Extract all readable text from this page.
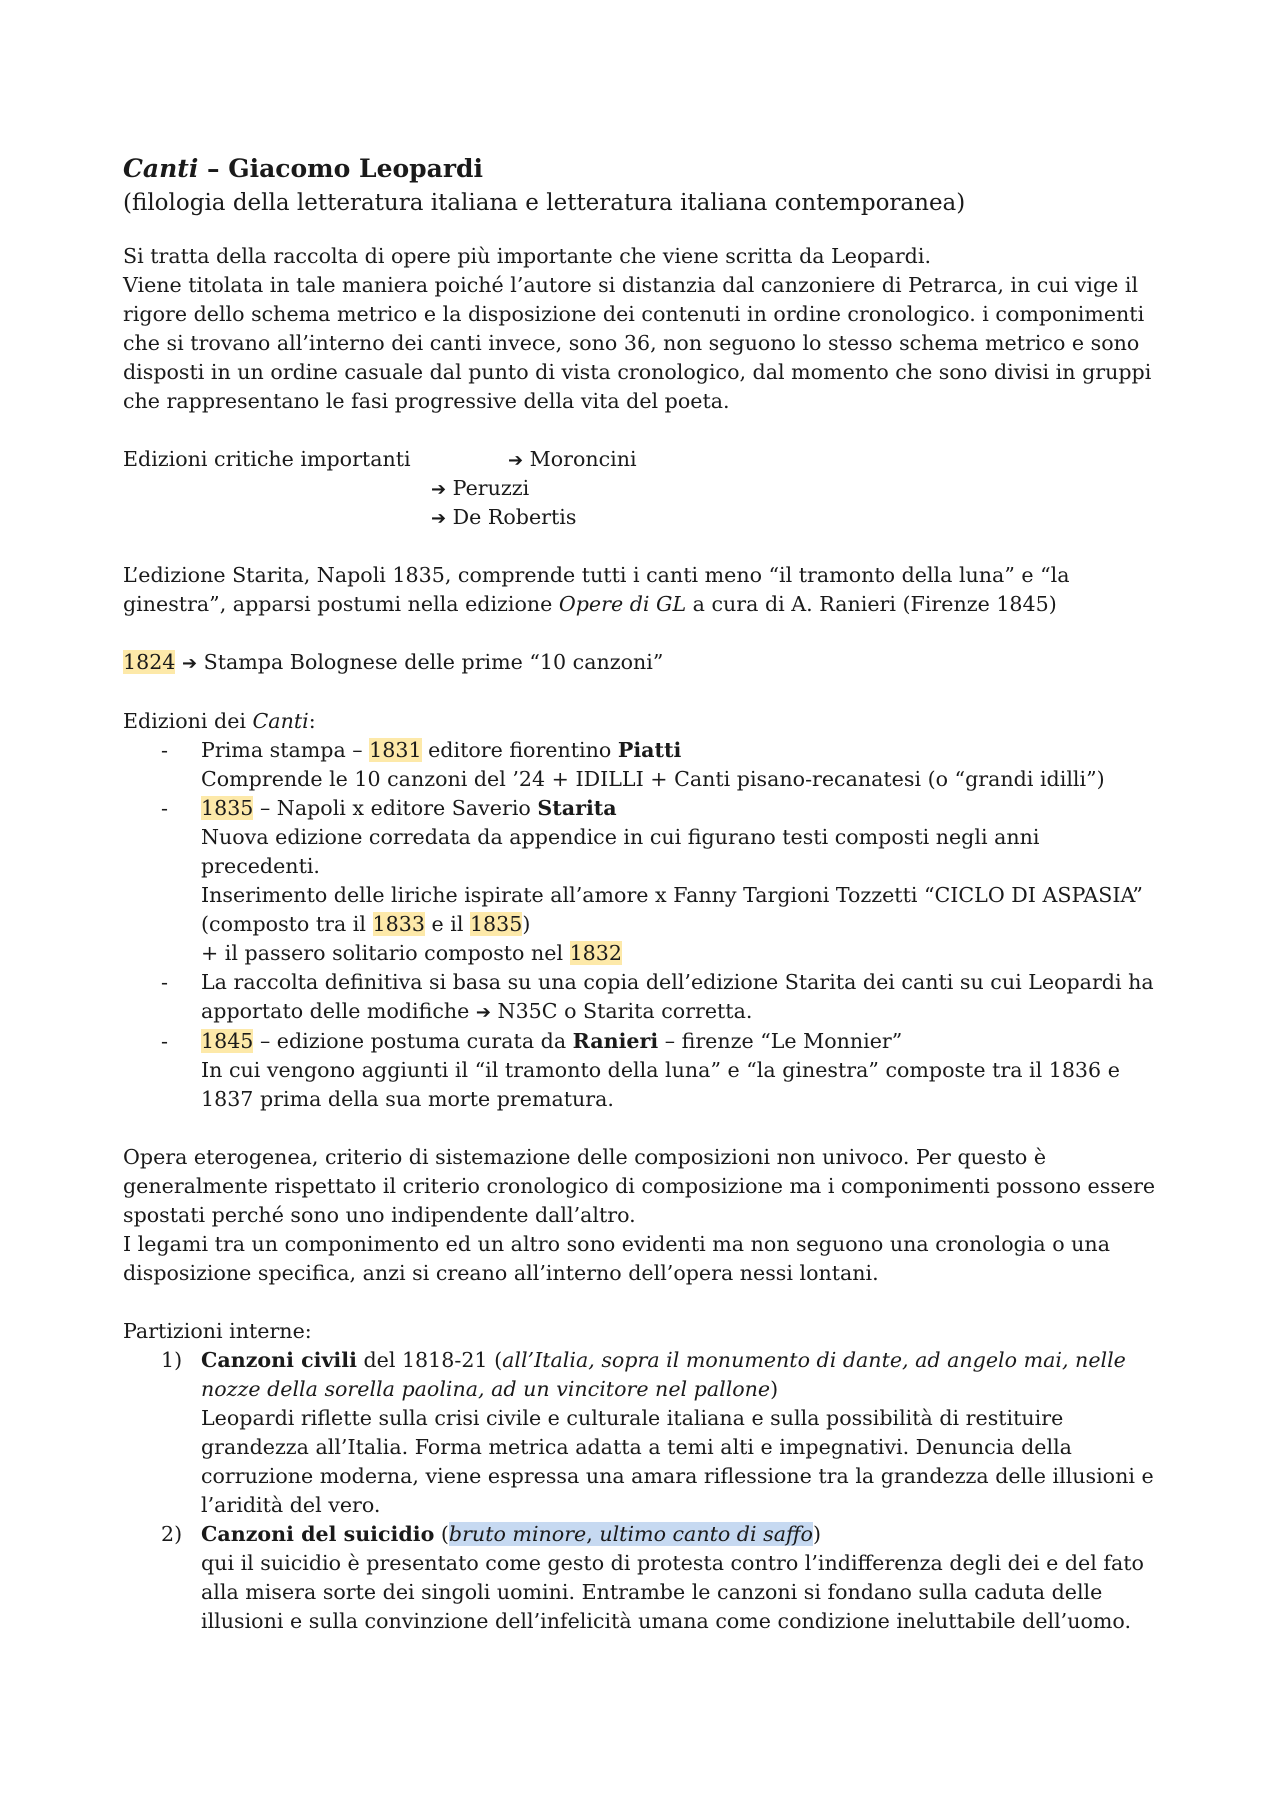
Canti – Giacomo Leopardi

(filologia della letteratura italiana e letteratura italiana contemporanea)

Si tratta della raccolta di opere più importante che viene scritta da Leopardi.

Viene titolata in tale maniera poiché l’autore si distanzia dal canzoniere di Petrarca, in cui vige il rigore dello schema metrico e la disposizione dei contenuti in ordine cronologico. i componimenti che si trovano all’interno dei canti invece, sono 36, non seguono lo stesso schema metrico e sono disposti in un ordine casuale dal punto di vista cronologico, dal momento che sono divisi in gruppi che rappresentano le fasi progressive della vita del poeta.

Edizioni critiche importanti	➔ Moroncini
➔ Peruzzi
➔ De Robertis

L’edizione Starita, Napoli 1835, comprende tutti i canti meno “il tramonto della luna” e “la ginestra”, apparsi postumi nella edizione Opere di GL a cura di A. Ranieri (Firenze 1845)

1824 ➔ Stampa Bolognese delle prime “10 canzoni”

Edizioni dei Canti:

- Prima stampa – 1831 editore fiorentino Piatti
Comprende le 10 canzoni del ’24 + IDILLI + Canti pisano-recanatesi (o “grandi idilli”)
- 1835 – Napoli x editore Saverio Starita
Nuova edizione corredata da appendice in cui figurano testi composti negli anni precedenti.
Inserimento delle liriche ispirate all’amore x Fanny Targioni Tozzetti “CICLO DI ASPASIA” (composto tra il 1833 e il 1835)
+ il passero solitario composto nel 1832
- La raccolta definitiva si basa su una copia dell’edizione Starita dei canti su cui Leopardi ha apportato delle modifiche ➔ N35C o Starita corretta.
- 1845 – edizione postuma curata da Ranieri – firenze “Le Monnier”
In cui vengono aggiunti il “il tramonto della luna” e “la ginestra” composte tra il 1836 e 1837 prima della sua morte prematura.

Opera eterogenea, criterio di sistemazione delle composizioni non univoco. Per questo è generalmente rispettato il criterio cronologico di composizione ma i componimenti possono essere spostati perché sono uno indipendente dall’altro.

I legami tra un componimento ed un altro sono evidenti ma non seguono una cronologia o una disposizione specifica, anzi si creano all’interno dell’opera nessi lontani.

Partizioni interne:

1) Canzoni civili del 1818-21 (all’Italia, sopra il monumento di dante, ad angelo mai, nelle nozze della sorella paolina, ad un vincitore nel pallone)
Leopardi riflette sulla crisi civile e culturale italiana e sulla possibilità di restituire grandezza all’Italia. Forma metrica adatta a temi alti e impegnativi. Denuncia della corruzione moderna, viene espressa una amara riflessione tra la grandezza delle illusioni e l’aridità del vero.
2) Canzoni del suicidio (bruto minore, ultimo canto di saffo)
qui il suicidio è presentato come gesto di protesta contro l’indifferenza degli dei e del fato alla misera sorte dei singoli uomini. Entrambe le canzoni si fondano sulla caduta delle illusioni e sulla convinzione dell’infelicità umana come condizione ineluttabile dell’uomo.
